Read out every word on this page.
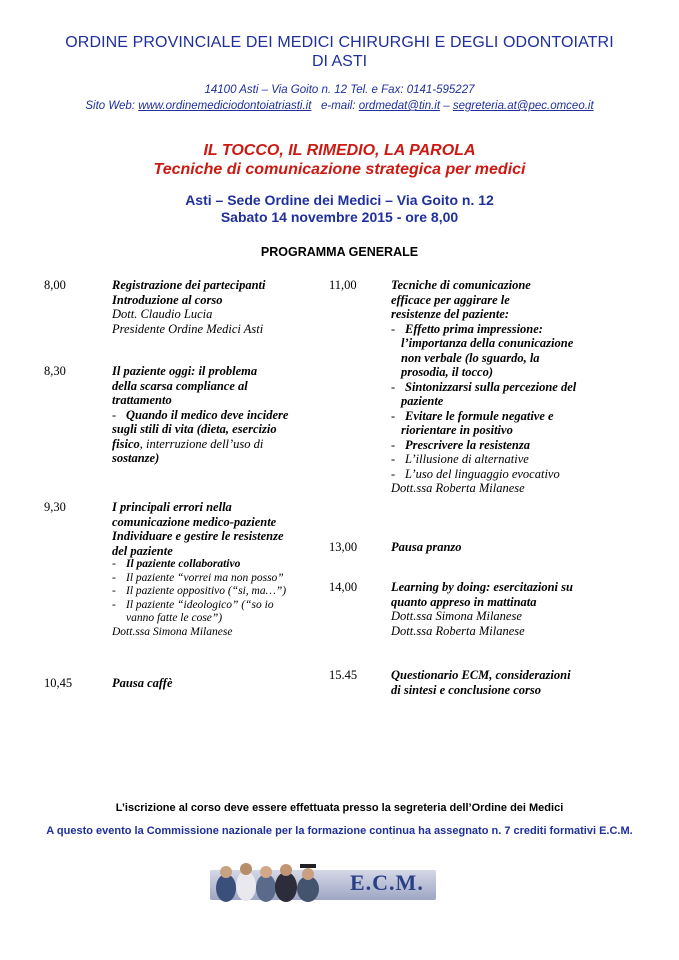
ORDINE PROVINCIALE DEI MEDICI CHIRURGHI E DEGLI ODONTOIATRI
DI ASTI
14100 Asti – Via Goito n. 12 Tel. e Fax: 0141-595227
Sito Web: www.ordinemediciodontoiatriasti.it   e-mail: ordmedat@tin.it – segreteria.at@pec.omceo.it
IL TOCCO, IL RIMEDIO, LA PAROLA
Tecniche di comunicazione strategica per medici
Asti – Sede Ordine dei Medici – Via Goito n. 12
Sabato 14 novembre 2015 - ore 8,00
PROGRAMMA GENERALE
8,00	Registrazione dei partecipanti
Introduzione al corso
Dott. Claudio Lucia
Presidente Ordine Medici Asti
8,30	Il paziente oggi: il problema
della scarsa compliance al
trattamento
- Quando il medico deve incidere
sugli stili di vita (dieta, esercizio
fisico, interruzione dell’uso di
sostanze)
9,30	I principali errori nella
comunicazione medico-paziente
Individuare e gestire le resistenze
del paziente
- Il paziente collaborativo
- Il paziente “vorrei ma non posso”
- Il paziente oppositivo (“si, ma…”)
- Il paziente “ideologico” (“so io
vanno fatte le cose”)
Dott.ssa Simona Milanese
10,45	Pausa caffè
11,00	Tecniche di comunicazione
efficace per aggirare le
resistenze del paziente:
- Effetto prima impressione:
l’importanza della conunicazione
non verbale (lo sguardo, la
prosodia, il tocco)
- Sintonizzarsi sulla percezione del
paziente
- Evitare le formule negative e
riorientare in positivo
- Prescrivere la resistenza
- L’illusione di alternative
- L’uso del linguaggio evocativo
Dott.ssa Roberta Milanese
13,00	Pausa pranzo
14,00	Learning by doing: esercitazioni su
quanto appreso in mattinata
Dott.ssa Simona Milanese
Dott.ssa Roberta Milanese
15.45	Questionario ECM, considerazioni
di sintesi e conclusione corso
L’iscrizione al corso deve essere effettuata presso la segreteria dell’Ordine dei Medici
A questo evento la Commissione nazionale per la formazione continua ha assegnato n. 7 crediti formativi E.C.M.
E.C.M.
